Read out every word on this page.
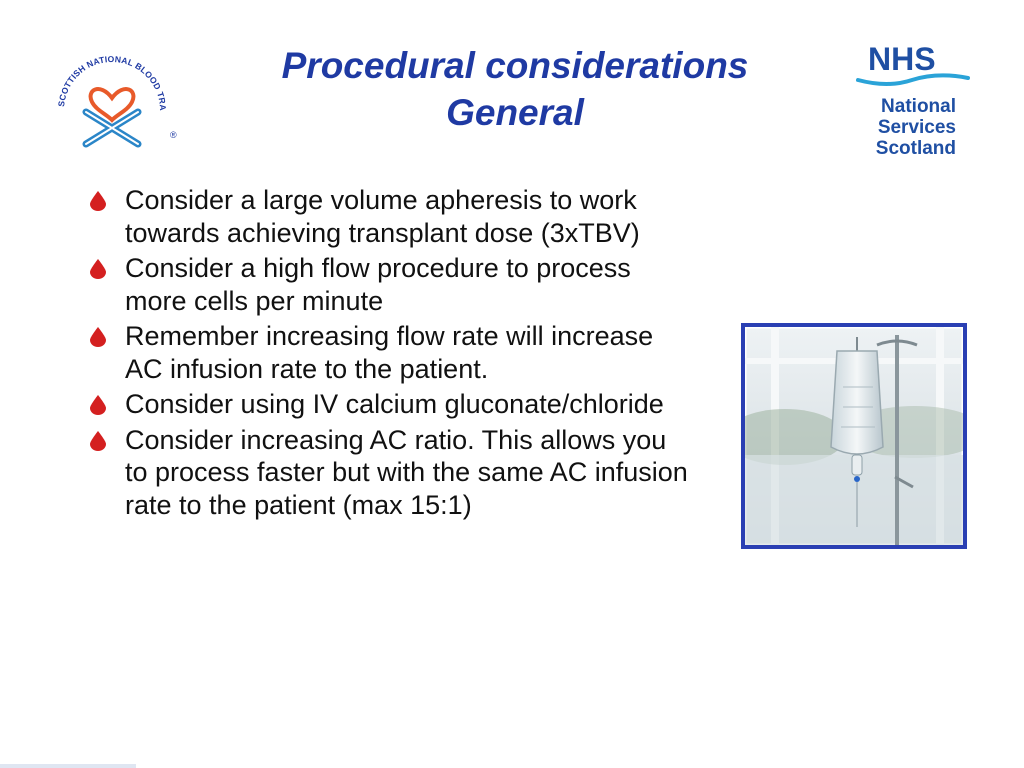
SCOTTISH NATIONAL BLOOD TRA
®
Procedural considerations
General
NHS
National
Services
Scotland
Consider a large volume apheresis to work towards achieving transplant dose (3xTBV)
Consider a high flow procedure to process more cells per minute
Remember increasing flow rate will increase AC infusion rate to the patient.
Consider using IV calcium gluconate/chloride
Consider increasing AC ratio. This allows you to process faster but with the same AC infusion rate to the patient (max 15:1)
